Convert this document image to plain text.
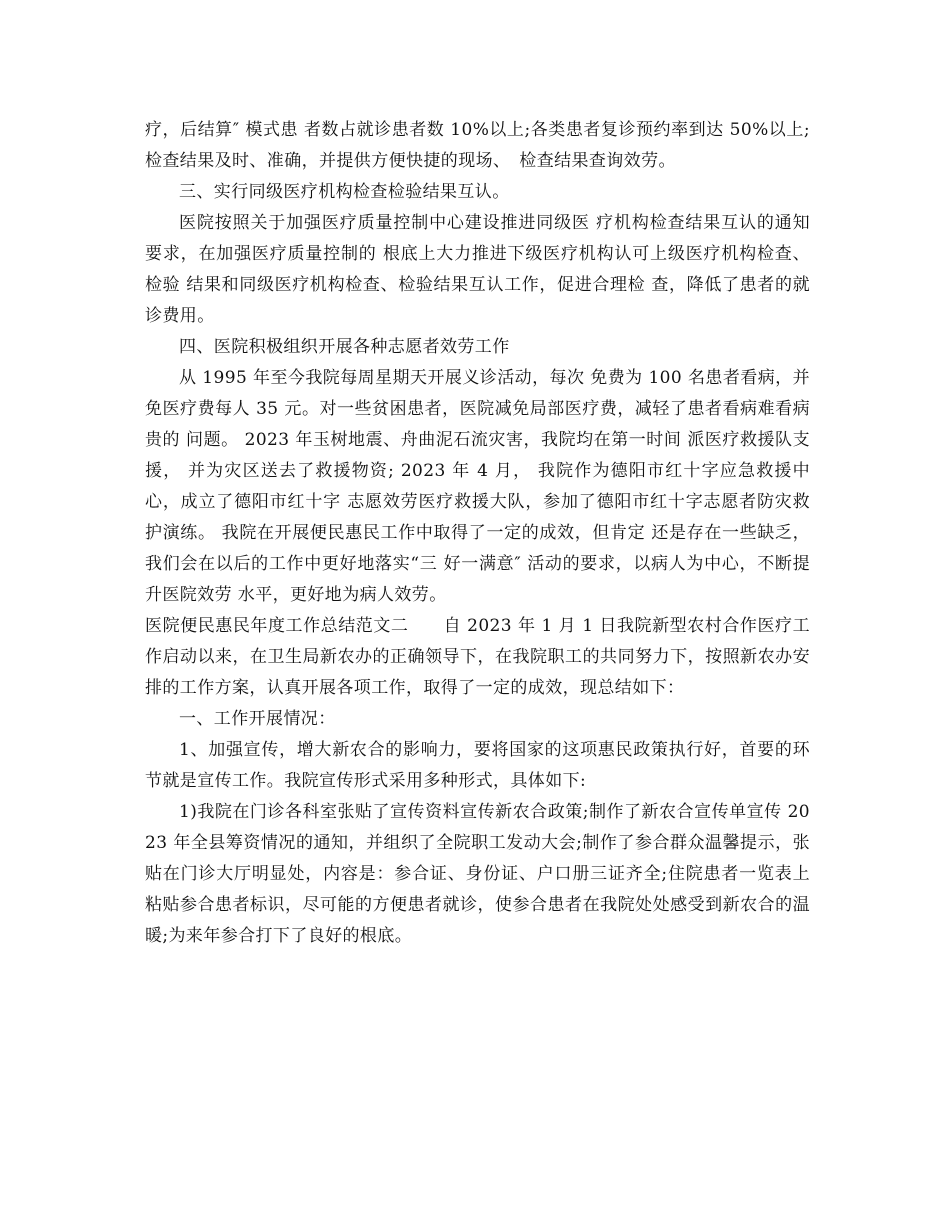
疗，后结算″ 模式患 者数占就诊患者数 10%以上;各类患者复诊预约率到达 50%以上;检查结果及时、准确，并提供方便快捷的现场、　检查结果查询效劳。

三、实行同级医疗机构检查检验结果互认。

医院按照关于加强医疗质量控制中心建设推进同级医 疗机构检查结果互认的通知要求，在加强医疗质量控制的 根底上大力推进下级医疗机构认可上级医疗机构检查、检验 结果和同级医疗机构检查、检验结果互认工作，促进合理检 查，降低了患者的就诊费用。

四、医院积极组织开展各种志愿者效劳工作

从 1995 年至今我院每周星期天开展义诊活动，每次 免费为 100 名患者看病，并免医疗费每人 35 元。对一些贫困患者，医院减免局部医疗费，减轻了患者看病难看病贵的 问题。 2023 年玉树地震、舟曲泥石流灾害，我院均在第一时间 派医疗救援队支援， 并为灾区送去了救援物资; 2023 年 4 月， 我院作为德阳市红十字应急救援中心，成立了德阳市红十字 志愿效劳医疗救援大队，参加了德阳市红十字志愿者防灾救 护演练。 我院在开展便民惠民工作中取得了一定的成效，但肯定 还是存在一些缺乏， 我们会在以后的工作中更好地落实“三 好一满意″ 活动的要求，以病人为中心，不断提升医院效劳 水平，更好地为病人效劳。

医院便民惠民年度工作总结范文二　　自 2023 年 1 月 1 日我院新型农村合作医疗工作启动以来，在卫生局新农办的正确领导下，在我院职工的共同努力下，按照新农办安排的工作方案，认真开展各项工作，取得了一定的成效，现总结如下：

一、工作开展情况：

1、加强宣传，增大新农合的影响力，要将国家的这项惠民政策执行好，首要的环节就是宣传工作。我院宣传形式采用多种形式，具体如下:

1)我院在门诊各科室张贴了宣传资料宣传新农合政策;制作了新农合宣传单宣传 2023 年全县筹资情况的通知，并组织了全院职工发动大会;制作了参合群众温馨提示，张贴在门诊大厅明显处，内容是：参合证、身份证、户口册三证齐全;住院患者一览表上粘贴参合患者标识，尽可能的方便患者就诊，使参合患者在我院处处感受到新农合的温暖;为来年参合打下了良好的根底。
